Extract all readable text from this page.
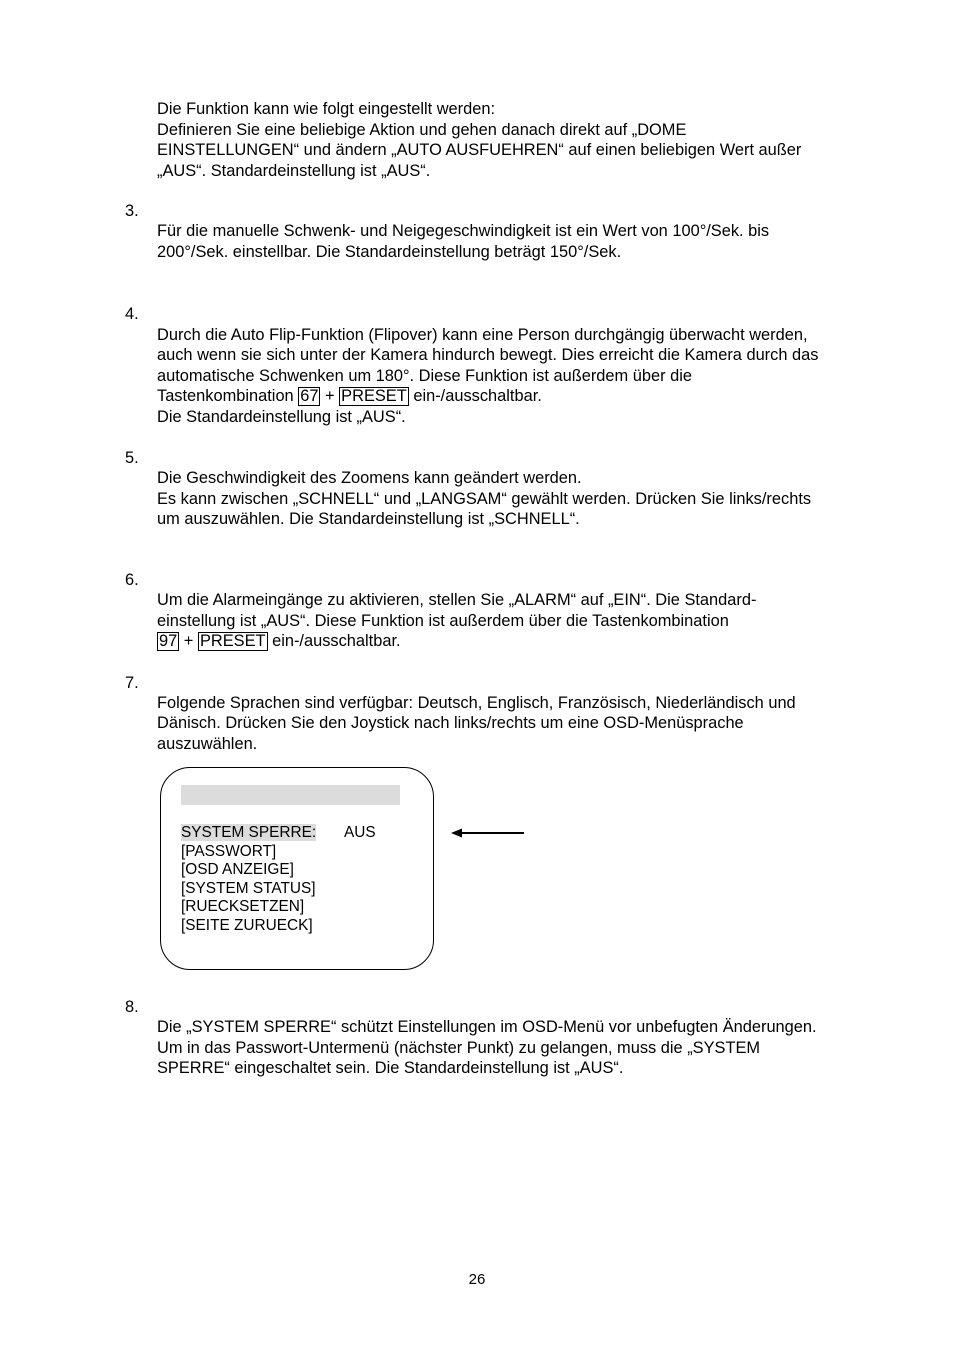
Die Funktion kann wie folgt eingestellt werden:
Definieren Sie eine beliebige Aktion und gehen danach direkt auf „DOME
EINSTELLUNGEN“ und ändern „AUTO AUSFUEHREN“ auf einen beliebigen Wert außer
„AUS“. Standardeinstellung ist „AUS“.
3.
Für die manuelle Schwenk- und Neigegeschwindigkeit ist ein Wert von 100°/Sek. bis
200°/Sek. einstellbar. Die Standardeinstellung beträgt 150°/Sek.
4.
Durch die Auto Flip-Funktion (Flipover) kann eine Person durchgängig überwacht werden,
auch wenn sie sich unter der Kamera hindurch bewegt. Dies erreicht die Kamera durch das
automatische Schwenken um 180°. Diese Funktion ist außerdem über die
Tastenkombination 67 + PRESET ein-/ausschaltbar.
Die Standardeinstellung ist „AUS“.
5.
Die Geschwindigkeit des Zoomens kann geändert werden.
Es kann zwischen „SCHNELL“ und „LANGSAM“ gewählt werden. Drücken Sie links/rechts
um auszuwählen. Die Standardeinstellung ist „SCHNELL“.
6.
Um die Alarmeingänge zu aktivieren, stellen Sie „ALARM“ auf „EIN“. Die Standard-
einstellung ist „AUS“. Diese Funktion ist außerdem über die Tastenkombination
97 + PRESET ein-/ausschaltbar.
7.
Folgende Sprachen sind verfügbar: Deutsch, Englisch, Französisch, Niederländisch und
Dänisch. Drücken Sie den Joystick nach links/rechts um eine OSD-Menüsprache
auszuwählen.
SYSTEM SPERRE: AUS
[PASSWORT]
[OSD ANZEIGE]
[SYSTEM STATUS]
[RUECKSETZEN]
[SEITE ZURUECK]
8.
Die „SYSTEM SPERRE“ schützt Einstellungen im OSD-Menü vor unbefugten Änderungen.
Um in das Passwort-Untermenü (nächster Punkt) zu gelangen, muss die „SYSTEM
SPERRE“ eingeschaltet sein. Die Standardeinstellung ist „AUS“.
26
